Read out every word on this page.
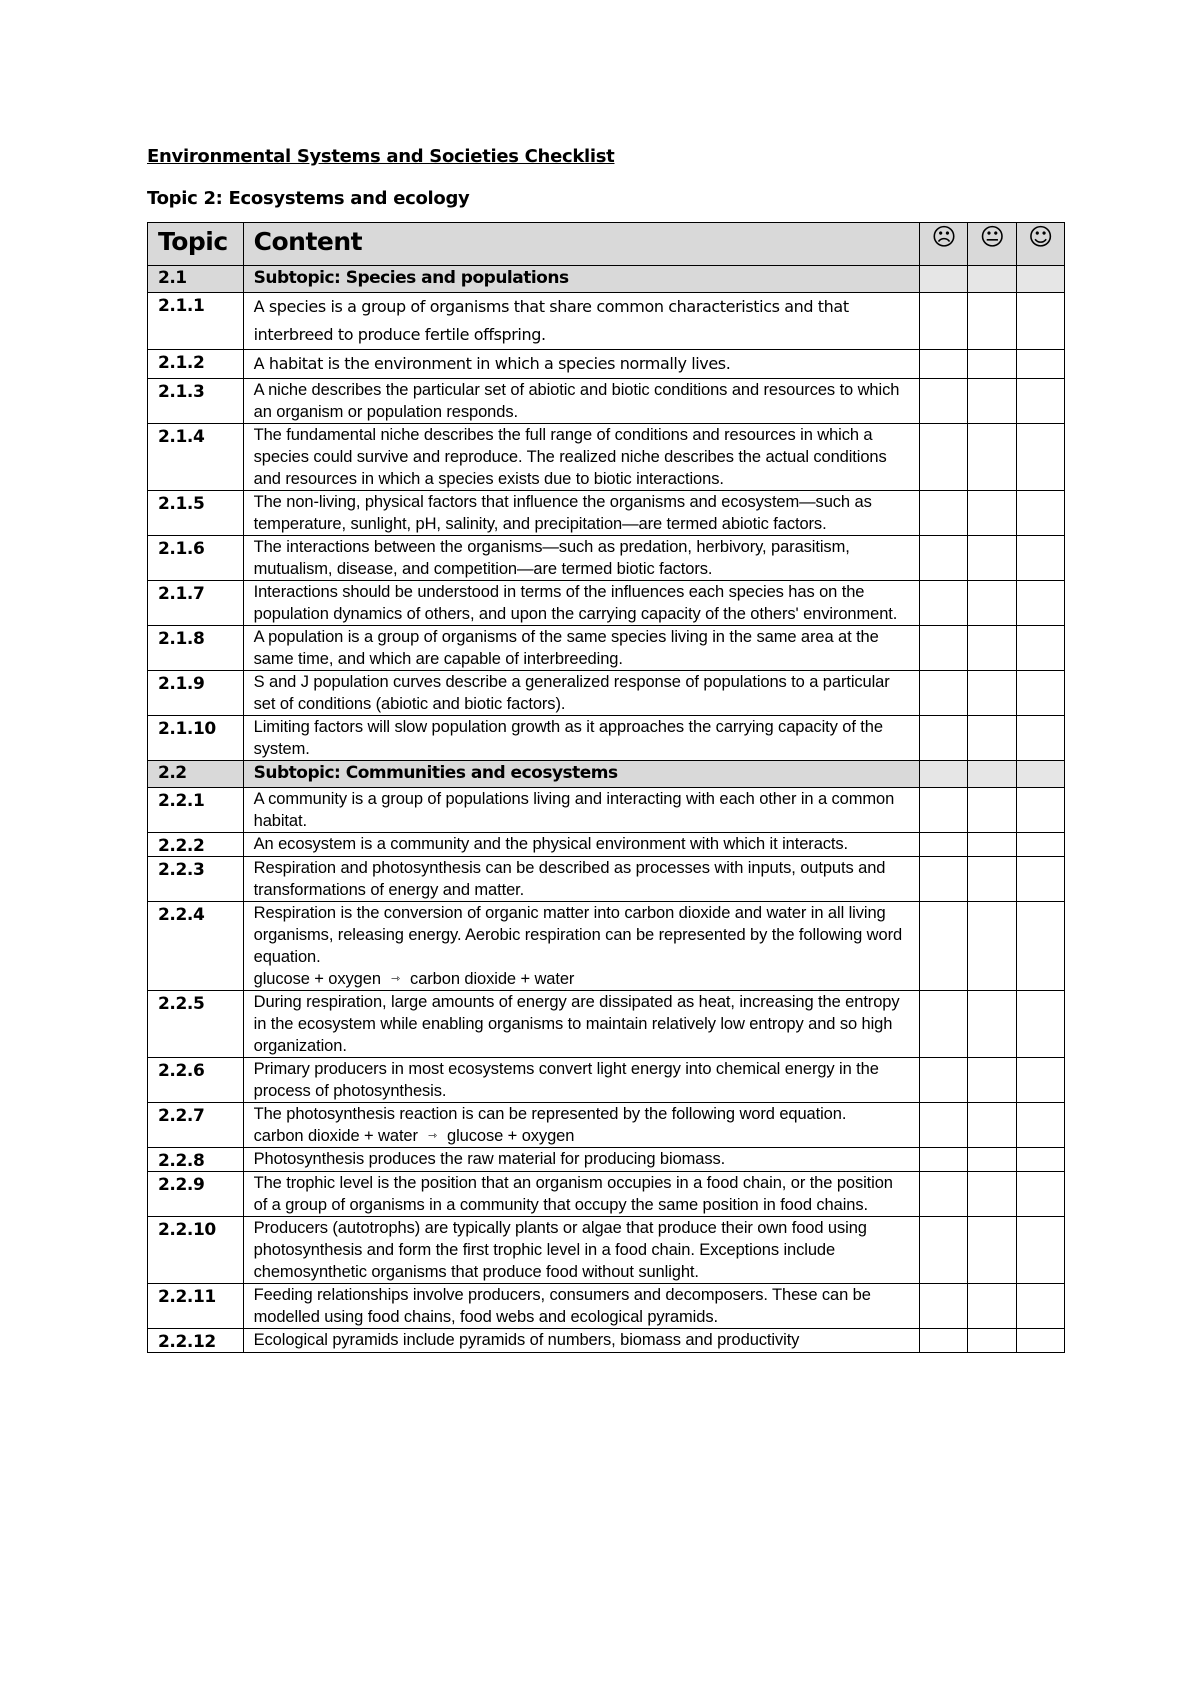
Environmental Systems and Societies Checklist
Topic 2: Ecosystems and ecology
Topic	Content	☹	😐	☺
2.1	Subtopic: Species and populations			
2.1.1	A species is a group of organisms that share common characteristics and that interbreed to produce fertile offspring.			
2.1.2	A habitat is the environment in which a species normally lives.			
2.1.3	A niche describes the particular set of abiotic and biotic conditions and resources to which an organism or population responds.			
2.1.4	The fundamental niche describes the full range of conditions and resources in which a species could survive and reproduce. The realized niche describes the actual conditions and resources in which a species exists due to biotic interactions.			
2.1.5	The non-living, physical factors that influence the organisms and ecosystem—such as temperature, sunlight, pH, salinity, and precipitation—are termed abiotic factors.			
2.1.6	The interactions between the organisms—such as predation, herbivory, parasitism, mutualism, disease, and competition—are termed biotic factors.			
2.1.7	Interactions should be understood in terms of the influences each species has on the population dynamics of others, and upon the carrying capacity of the others' environment.			
2.1.8	A population is a group of organisms of the same species living in the same area at the same time, and which are capable of interbreeding.			
2.1.9	S and J population curves describe a generalized response of populations to a particular set of conditions (abiotic and biotic factors).			
2.1.10	Limiting factors will slow population growth as it approaches the carrying capacity of the system.			
2.2	Subtopic: Communities and ecosystems			
2.2.1	A community is a group of populations living and interacting with each other in a common habitat.			
2.2.2	An ecosystem is a community and the physical environment with which it interacts.			
2.2.3	Respiration and photosynthesis can be described as processes with inputs, outputs and transformations of energy and matter.			
2.2.4	Respiration is the conversion of organic matter into carbon dioxide and water in all living organisms, releasing energy. Aerobic respiration can be represented by the following word equation.
glucose + oxygen ⇾ carbon dioxide + water			

2.2.5	During respiration, large amounts of energy are dissipated as heat, increasing the entropy in the ecosystem while enabling organisms to maintain relatively low entropy and so high organization.			
2.2.6	Primary producers in most ecosystems convert light energy into chemical energy in the process of photosynthesis.			
2.2.7	The photosynthesis reaction is can be represented by the following word equation.
carbon dioxide + water ⇾ glucose + oxygen			

2.2.8	Photosynthesis produces the raw material for producing biomass.			
2.2.9	The trophic level is the position that an organism occupies in a food chain, or the position of a group of organisms in a community that occupy the same position in food chains.			
2.2.10	Producers (autotrophs) are typically plants or algae that produce their own food using photosynthesis and form the first trophic level in a food chain. Exceptions include chemosynthetic organisms that produce food without sunlight.			
2.2.11	Feeding relationships involve producers, consumers and decomposers. These can be modelled using food chains, food webs and ecological pyramids.			
2.2.12	Ecological pyramids include pyramids of numbers, biomass and productivity			
